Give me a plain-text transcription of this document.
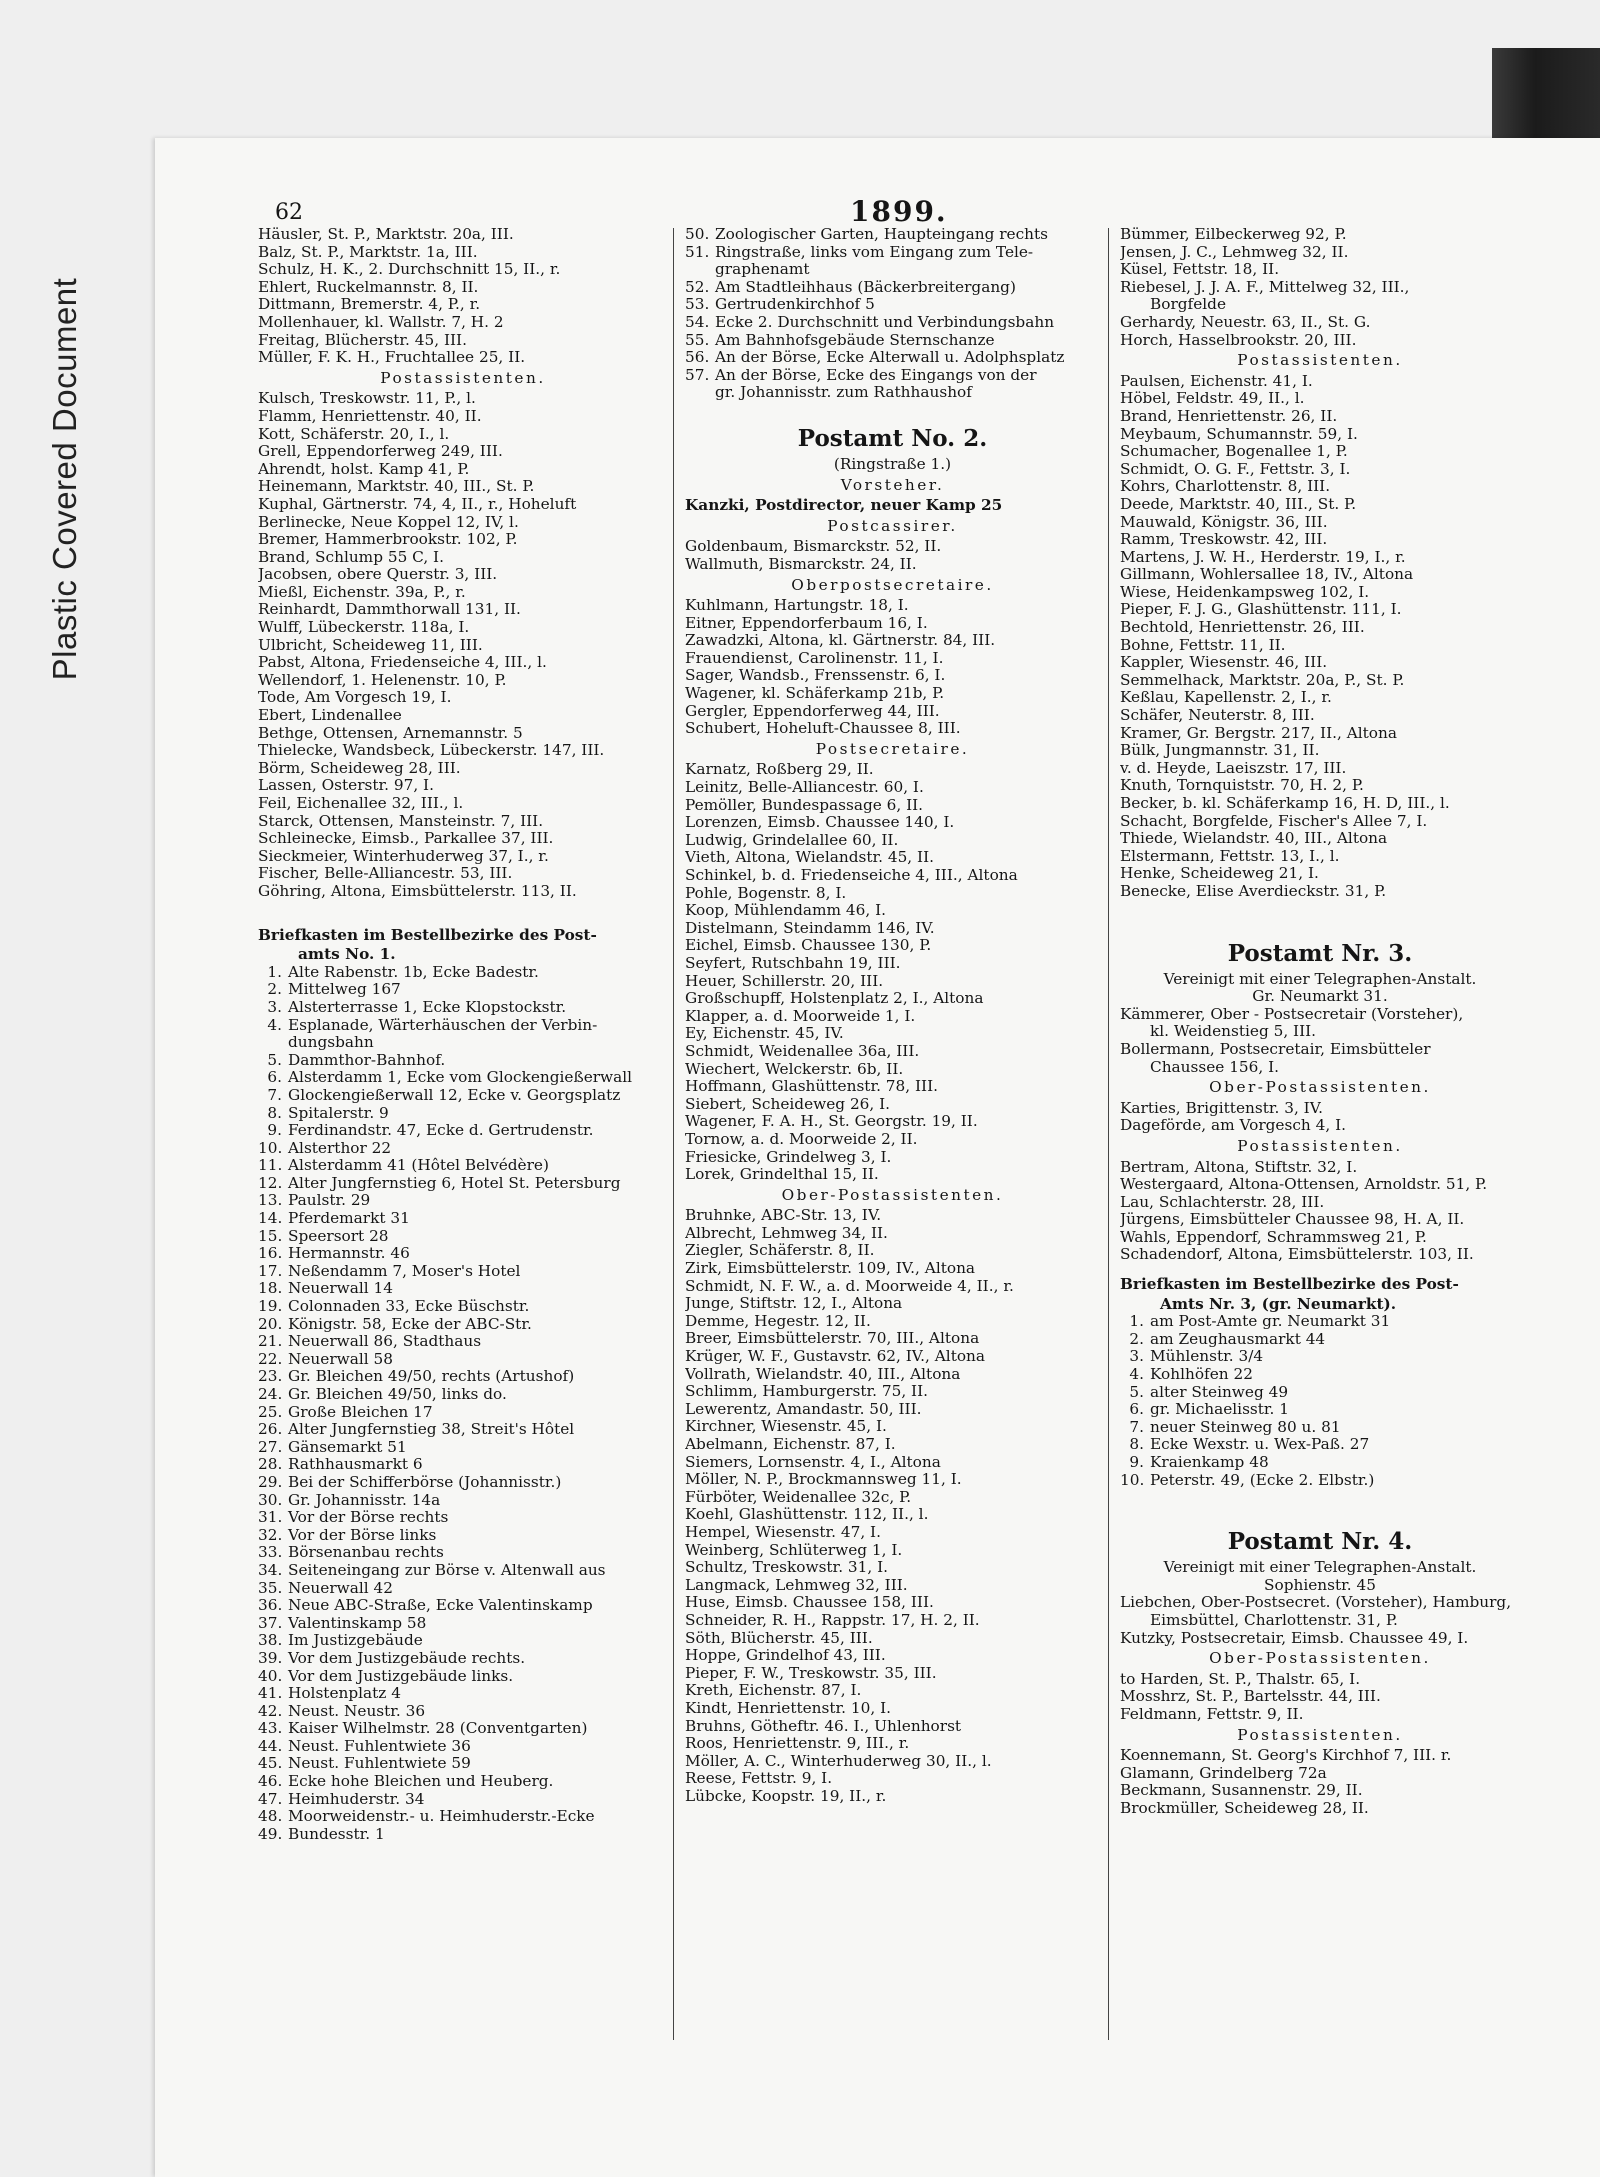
Plastic Covered Document
62	1899.
Häusler, St. P., Marktstr. 20a, III.
Balz, St. P., Marktstr. 1a, III.
Schulz, H. K., 2. Durchschnitt 15, II., r.
Ehlert, Ruckelmannstr. 8, II.
Dittmann, Bremerstr. 4, P., r.
Mollenhauer, kl. Wallstr. 7, H. 2
Freitag, Blücherstr. 45, III.
Müller, F. K. H., Fruchtallee 25, II.
Postassistenten.
Kulsch, Treskowstr. 11, P., l.
Flamm, Henriettenstr. 40, II.
Kott, Schäferstr. 20, I., l.
Grell, Eppendorferweg 249, III.
Ahrendt, holst. Kamp 41, P.
Heinemann, Marktstr. 40, III., St. P.
Kuphal, Gärtnerstr. 74, 4, II., r., Hoheluft
Berlinecke, Neue Koppel 12, IV, l.
Bremer, Hammerbrookstr. 102, P.
Brand, Schlump 55 C, I.
Jacobsen, obere Querstr. 3, III.
Mießl, Eichenstr. 39a, P., r.
Reinhardt, Dammthorwall 131, II.
Wulff, Lübeckerstr. 118a, I.
Ulbricht, Scheideweg 11, III.
Pabst, Altona, Friedenseiche 4, III., l.
Wellendorf, 1. Helenenstr. 10, P.
Tode, Am Vorgesch 19, I.
Ebert, Lindenallee
Bethge, Ottensen, Arnemannstr. 5
Thielecke, Wandsbeck, Lübeckerstr. 147, III.
Börm, Scheideweg 28, III.
Lassen, Osterstr. 97, I.
Feil, Eichenallee 32, III., l.
Starck, Ottensen, Mansteinstr. 7, III.
Schleinecke, Eimsb., Parkallee 37, III.
Sieckmeier, Winterhuderweg 37, I., r.
Fischer, Belle-Alliancestr. 53, III.
Göhring, Altona, Eimsbüttelerstr. 113, II.
Briefkasten im Bestellbezirke des Post-
amts No. 1.
1. Alte Rabenstr. 1b, Ecke Badestr.
2. Mittelweg 167
3. Alsterterrasse 1, Ecke Klopstockstr.
4. Esplanade, Wärterhäuschen der Verbin-
dungsbahn
5. Dammthor-Bahnhof.
6. Alsterdamm 1, Ecke vom Glockengießerwall
7. Glockengießerwall 12, Ecke v. Georgsplatz
8. Spitalerstr. 9
9. Ferdinandstr. 47, Ecke d. Gertrudenstr.
10. Alsterthor 22
11. Alsterdamm 41 (Hôtel Belvédère)
12. Alter Jungfernstieg 6, Hotel St. Petersburg
13. Paulstr. 29
14. Pferdemarkt 31
15. Speersort 28
16. Hermannstr. 46
17. Neßendamm 7, Moser's Hotel
18. Neuerwall 14
19. Colonnaden 33, Ecke Büschstr.
20. Königstr. 58, Ecke der ABC-Str.
21. Neuerwall 86, Stadthaus
22. Neuerwall 58
23. Gr. Bleichen 49/50, rechts (Artushof)
24. Gr. Bleichen 49/50, links do.
25. Große Bleichen 17
26. Alter Jungfernstieg 38, Streit's Hôtel
27. Gänsemarkt 51
28. Rathhausmarkt 6
29. Bei der Schifferbörse (Johannisstr.)
30. Gr. Johannisstr. 14a
31. Vor der Börse rechts
32. Vor der Börse links
33. Börsenanbau rechts
34. Seiteneingang zur Börse v. Altenwall aus
35. Neuerwall 42
36. Neue ABC-Straße, Ecke Valentinskamp
37. Valentinskamp 58
38. Im Justizgebäude
39. Vor dem Justizgebäude rechts.
40. Vor dem Justizgebäude links.
41. Holstenplatz 4
42. Neust. Neustr. 36
43. Kaiser Wilhelmstr. 28 (Conventgarten)
44. Neust. Fuhlentwiete 36
45. Neust. Fuhlentwiete 59
46. Ecke hohe Bleichen und Heuberg.
47. Heimhuderstr. 34
48. Moorweidenstr.- u. Heimhuderstr.-Ecke
49. Bundesstr. 1
50. Zoologischer Garten, Haupteingang rechts
51. Ringstraße, links vom Eingang zum Tele-
graphenamt
52. Am Stadtleihhaus (Bäckerbreitergang)
53. Gertrudenkirchhof 5
54. Ecke 2. Durchschnitt und Verbindungsbahn
55. Am Bahnhofsgebäude Sternschanze
56. An der Börse, Ecke Alterwall u. Adolphsplatz
57. An der Börse, Ecke des Eingangs von der
gr. Johannisstr. zum Rathhaushof
Postamt No. 2.
(Ringstraße 1.)
Vorsteher.
Kanzki, Postdirector, neuer Kamp 25
Postcassirer.
Goldenbaum, Bismarckstr. 52, II.
Wallmuth, Bismarckstr. 24, II.
Oberpostsecretaire.
Kuhlmann, Hartungstr. 18, I.
Eitner, Eppendorferbaum 16, I.
Zawadzki, Altona, kl. Gärtnerstr. 84, III.
Frauendienst, Carolinenstr. 11, I.
Sager, Wandsb., Frenssenstr. 6, I.
Wagener, kl. Schäferkamp 21b, P.
Gergler, Eppendorferweg 44, III.
Schubert, Hoheluft-Chaussee 8, III.
Postsecretaire.
Karnatz, Roßberg 29, II.
Leinitz, Belle-Alliancestr. 60, I.
Pemöller, Bundespassage 6, II.
Lorenzen, Eimsb. Chaussee 140, I.
Ludwig, Grindelallee 60, II.
Vieth, Altona, Wielandstr. 45, II.
Schinkel, b. d. Friedenseiche 4, III., Altona
Pohle, Bogenstr. 8, I.
Koop, Mühlendamm 46, I.
Distelmann, Steindamm 146, IV.
Eichel, Eimsb. Chaussee 130, P.
Seyfert, Rutschbahn 19, III.
Heuer, Schillerstr. 20, III.
Großschupff, Holstenplatz 2, I., Altona
Klapper, a. d. Moorweide 1, I.
Ey, Eichenstr. 45, IV.
Schmidt, Weidenallee 36a, III.
Wiechert, Welckerstr. 6b, II.
Hoffmann, Glashüttenstr. 78, III.
Siebert, Scheideweg 26, I.
Wagener, F. A. H., St. Georgstr. 19, II.
Tornow, a. d. Moorweide 2, II.
Friesicke, Grindelweg 3, I.
Lorek, Grindelthal 15, II.
Ober-Postassistenten.
Bruhnke, ABC-Str. 13, IV.
Albrecht, Lehmweg 34, II.
Ziegler, Schäferstr. 8, II.
Zirk, Eimsbüttelerstr. 109, IV., Altona
Schmidt, N. F. W., a. d. Moorweide 4, II., r.
Junge, Stiftstr. 12, I., Altona
Demme, Hegestr. 12, II.
Breer, Eimsbüttelerstr. 70, III., Altona
Krüger, W. F., Gustavstr. 62, IV., Altona
Vollrath, Wielandstr. 40, III., Altona
Schlimm, Hamburgerstr. 75, II.
Lewerentz, Amandastr. 50, III.
Kirchner, Wiesenstr. 45, I.
Abelmann, Eichenstr. 87, I.
Siemers, Lornsenstr. 4, I., Altona
Möller, N. P., Brockmannsweg 11, I.
Fürböter, Weidenallee 32c, P.
Koehl, Glashüttenstr. 112, II., l.
Hempel, Wiesenstr. 47, I.
Weinberg, Schlüterweg 1, I.
Schultz, Treskowstr. 31, I.
Langmack, Lehmweg 32, III.
Huse, Eimsb. Chaussee 158, III.
Schneider, R. H., Rappstr. 17, H. 2, II.
Söth, Blücherstr. 45, III.
Hoppe, Grindelhof 43, III.
Pieper, F. W., Treskowstr. 35, III.
Kreth, Eichenstr. 87, I.
Kindt, Henriettenstr. 10, I.
Bruhns, Götheftr. 46. I., Uhlenhorst
Roos, Henriettenstr. 9, III., r.
Möller, A. C., Winterhuderweg 30, II., l.
Reese, Fettstr. 9, I.
Lübcke, Koopstr. 19, II., r.
Bümmer, Eilbeckerweg 92, P.
Jensen, J. C., Lehmweg 32, II.
Küsel, Fettstr. 18, II.
Riebesel, J. J. A. F., Mittelweg 32, III.,
Borgfelde
Gerhardy, Neuestr. 63, II., St. G.
Horch, Hasselbrookstr. 20, III.
Postassistenten.
Paulsen, Eichenstr. 41, I.
Höbel, Feldstr. 49, II., l.
Brand, Henriettenstr. 26, II.
Meybaum, Schumannstr. 59, I.
Schumacher, Bogenallee 1, P.
Schmidt, O. G. F., Fettstr. 3, I.
Kohrs, Charlottenstr. 8, III.
Deede, Marktstr. 40, III., St. P.
Mauwald, Königstr. 36, III.
Ramm, Treskowstr. 42, III.
Martens, J. W. H., Herderstr. 19, I., r.
Gillmann, Wohlersallee 18, IV., Altona
Wiese, Heidenkampsweg 102, I.
Pieper, F. J. G., Glashüttenstr. 111, I.
Bechtold, Henriettenstr. 26, III.
Bohne, Fettstr. 11, II.
Kappler, Wiesenstr. 46, III.
Semmelhack, Marktstr. 20a, P., St. P.
Keßlau, Kapellenstr. 2, I., r.
Schäfer, Neuterstr. 8, III.
Kramer, Gr. Bergstr. 217, II., Altona
Bülk, Jungmannstr. 31, II.
v. d. Heyde, Laeiszstr. 17, III.
Knuth, Tornquiststr. 70, H. 2, P.
Becker, b. kl. Schäferkamp 16, H. D, III., l.
Schacht, Borgfelde, Fischer's Allee 7, I.
Thiede, Wielandstr. 40, III., Altona
Elstermann, Fettstr. 13, I., l.
Henke, Scheideweg 21, I.
Benecke, Elise Averdieckstr. 31, P.
Postamt Nr. 3.
Vereinigt mit einer Telegraphen-Anstalt.
Gr. Neumarkt 31.
Kämmerer, Ober - Postsecretair (Vorsteher),
kl. Weidenstieg 5, III.
Bollermann, Postsecretair, Eimsbütteler
Chaussee 156, I.
Ober-Postassistenten.
Karties, Brigittenstr. 3, IV.
Dageförde, am Vorgesch 4, I.
Postassistenten.
Bertram, Altona, Stiftstr. 32, I.
Westergaard, Altona-Ottensen, Arnoldstr. 51, P.
Lau, Schlachterstr. 28, III.
Jürgens, Eimsbütteler Chaussee 98, H. A, II.
Wahls, Eppendorf, Schrammsweg 21, P.
Schadendorf, Altona, Eimsbüttelerstr. 103, II.
Briefkasten im Bestellbezirke des Post-
Amts Nr. 3, (gr. Neumarkt).
1. am Post-Amte gr. Neumarkt 31
2. am Zeughausmarkt 44
3. Mühlenstr. 3/4
4. Kohlhöfen 22
5. alter Steinweg 49
6. gr. Michaelisstr. 1
7. neuer Steinweg 80 u. 81
8. Ecke Wexstr. u. Wex-Paß. 27
9. Kraienkamp 48
10. Peterstr. 49, (Ecke 2. Elbstr.)
Postamt Nr. 4.
Vereinigt mit einer Telegraphen-Anstalt.
Sophienstr. 45
Liebchen, Ober-Postsecret. (Vorsteher), Hamburg,
Eimsbüttel, Charlottenstr. 31, P.
Kutzky, Postsecretair, Eimsb. Chaussee 49, I.
Ober-Postassistenten.
to Harden, St. P., Thalstr. 65, I.
Mosshrz, St. P., Bartelsstr. 44, III.
Feldmann, Fettstr. 9, II.
Postassistenten.
Koennemann, St. Georg's Kirchhof 7, III. r.
Glamann, Grindelberg 72a
Beckmann, Susannenstr. 29, II.
Brockmüller, Scheideweg 28, II.
